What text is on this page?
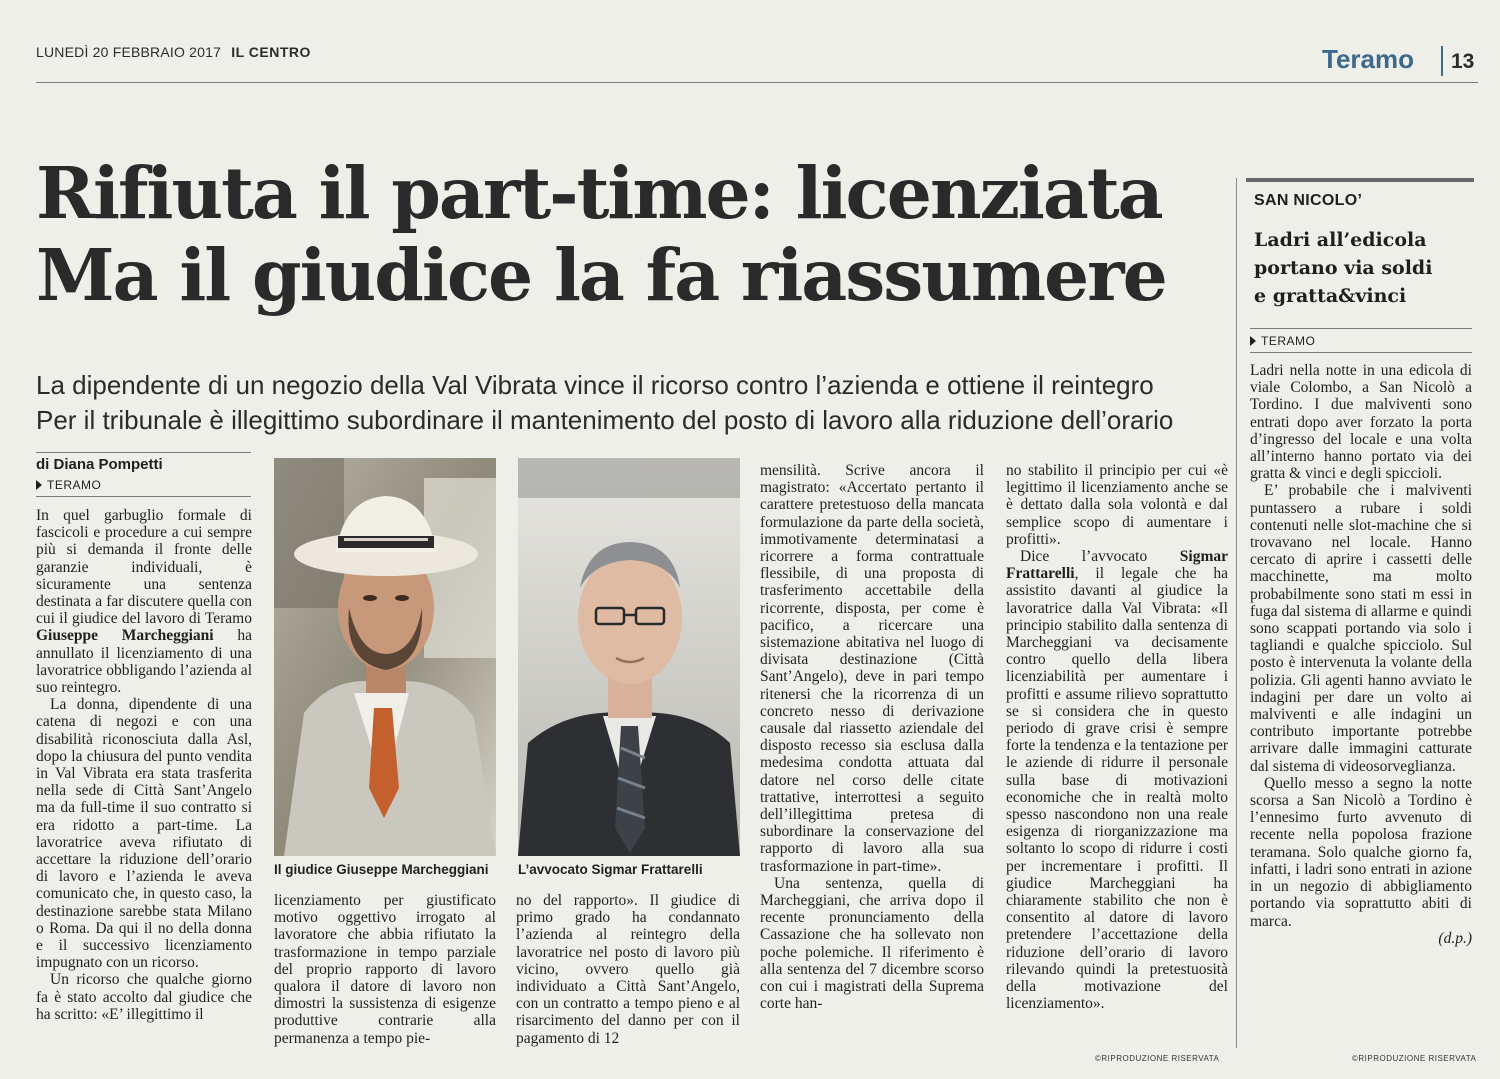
LUNEDÌ 20 FEBBRAIO 2017 IL CENTRO	Teramo 13
Rifiuta il part-time: licenziata
Ma il giudice la fa riassumere
La dipendente di un negozio della Val Vibrata vince il ricorso contro l’azienda e ottiene il reintegro
Per il tribunale è illegittimo subordinare il mantenimento del posto di lavoro alla riduzione dell’orario
di Diana Pompetti
TERAMO

In quel garbuglio formale di fascicoli e procedure a cui sempre più si demanda il fronte delle garanzie individuali, è sicuramente una sentenza destinata a far discutere quella con cui il giudice del lavoro di Teramo Giuseppe Marcheggiani ha annullato il licenziamento di una lavoratrice obbligando l’azienda al suo reintegro.

La donna, dipendente di una catena di negozi e con una disabilità riconosciuta dalla Asl, dopo la chiusura del punto vendita in Val Vibrata era stata trasferita nella sede di Città Sant’Angelo ma da full-time il suo contratto si era ridotto a part-time. La lavoratrice aveva rifiutato di accettare la riduzione dell’orario di lavoro e l’azienda le aveva comunicato che, in questo caso, la destinazione sarebbe stata Milano o Roma. Da qui il no della donna e il successivo licenziamento impugnato con un ricorso.

Un ricorso che qualche giorno fa è stato accolto dal giudice che ha scritto: «E’ illegittimo il

Il giudice Giuseppe Marcheggiani L’avvocato Sigmar Frattarelli

licenziamento per giustificato motivo oggettivo irrogato al lavoratore che abbia rifiutato la trasformazione in tempo parziale del proprio rapporto di lavoro qualora il datore di lavoro non dimostri la sussistenza di esigenze produttive contrarie alla permanenza a tempo pie-

no del rapporto». Il giudice di primo grado ha condannato l’azienda al reintegro della lavoratrice nel posto di lavoro più vicino, ovvero quello già individuato a Città Sant’Angelo, con un contratto a tempo pieno e al risarcimento del danno per con il pagamento di 12

mensilità. Scrive ancora il magistrato: «Accertato pertanto il carattere pretestuoso della mancata formulazione da parte della società, immotivamente determinatasi a ricorrere a forma contrattuale flessibile, di una proposta di trasferimento accettabile della ricorrente, disposta, per come è pacifico, a ricercare una sistemazione abitativa nel luogo di divisata destinazione (Città Sant’Angelo), deve in pari tempo ritenersi che la ricorrenza di un concreto nesso di derivazione causale dal riassetto aziendale del disposto recesso sia esclusa dalla medesima condotta attuata dal datore nel corso delle citate trattative, interrottesi a seguito dell’illegittima pretesa di subordinare la conservazione del rapporto di lavoro alla sua trasformazione in part-time».

Una sentenza, quella di Marcheggiani, che arriva dopo il recente pronunciamento della Cassazione che ha sollevato non poche polemiche. Il riferimento è alla sentenza del 7 dicembre scorso con cui i magistrati della Suprema corte han-

no stabilito il principio per cui «è legittimo il licenziamento anche se è dettato dalla sola volontà e dal semplice scopo di aumentare i profitti».

Dice l’avvocato Sigmar Frattarelli, il legale che ha assistito davanti al giudice la lavoratrice dalla Val Vibrata: «Il principio stabilito dalla sentenza di Marcheggiani va decisamente contro quello della libera licenziabilità per aumentare i profitti e assume rilievo soprattutto se si considera che in questo periodo di grave crisi è sempre forte la tendenza e la tentazione per le aziende di ridurre il personale sulla base di motivazioni economiche che in realtà molto spesso nascondono non una reale esigenza di riorganizzazione ma soltanto lo scopo di ridurre i costi per incrementare i profitti. Il giudice Marcheggiani ha chiaramente stabilito che non è consentito al datore di lavoro pretendere l’accettazione della riduzione dell’orario di lavoro rilevando quindi la pretestuosità della motivazione del licenziamento».

©RIPRODUZIONE RISERVATA
SAN NICOLO’
Ladri all’edicola
portano via soldi
e gratta&vinci
TERAMO

Ladri nella notte in una edicola di viale Colombo, a San Nicolò a Tordino. I due malviventi sono entrati dopo aver forzato la porta d’ingresso del locale e una volta all’interno hanno portato via dei gratta & vinci e degli spiccioli.

E’ probabile che i malviventi puntassero a rubare i soldi contenuti nelle slot-machine che si trovavano nel locale. Hanno cercato di aprire i cassetti delle macchinette, ma molto probabilmente sono stati m essi in fuga dal sistema di allarme e quindi sono scappati portando via solo i tagliandi e qualche spicciolo. Sul posto è intervenuta la volante della polizia. Gli agenti hanno avviato le indagini per dare un volto ai malviventi e alle indagini un contributo importante potrebbe arrivare dalle immagini catturate dal sistema di videosorveglianza.

Quello messo a segno la notte scorsa a San Nicolò a Tordino è l’ennesimo furto avvenuto di recente nella popolosa frazione teramana. Solo qualche giorno fa, infatti, i ladri sono entrati in azione in un negozio di abbigliamento portando via soprattutto abiti di marca.
(d.p.)

©RIPRODUZIONE RISERVATA
